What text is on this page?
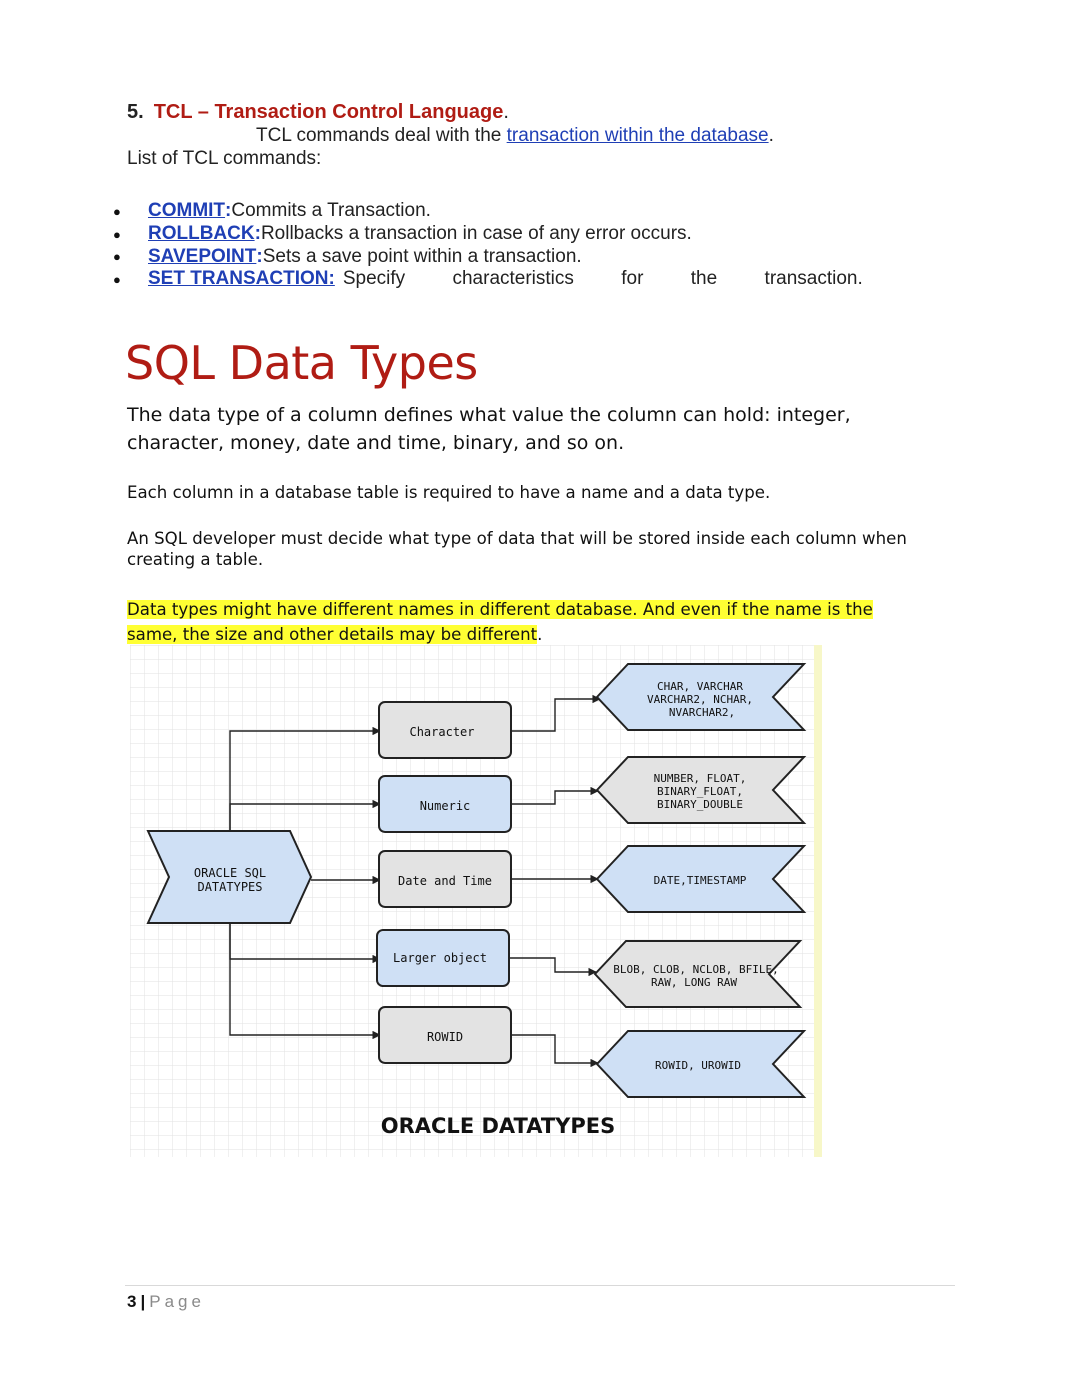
5. TCL – Transaction Control Language.
TCL commands deal with the transaction within the database.
List of TCL commands:
●	COMMIT : Commits a Transaction.
●	ROLLBACK : Rollbacks a transaction in case of any error occurs.
●	SAVEPOINT : Sets a save point within a transaction.
●	SET TRANSACTION: Specify characteristics for the transaction.
SQL Data Types
The data type of a column defines what value the column can hold: integer, character, money, date and time, binary, and so on.
Each column in a database table is required to have a name and a data type.
An SQL developer must decide what type of data that will be stored inside each column when creating a table.
Data types might have different names in different database. And even if the name is the same, the size and other details may be different.
ORACLE SQL
DATATYPES
Character
Numeric
Date and Time
Larger object
ROWID
CHAR, VARCHAR
VARCHAR2, NCHAR,
NVARCHAR2,
NUMBER, FLOAT,
BINARY_FLOAT,
BINARY_DOUBLE
DATE,TIMESTAMP
BLOB, CLOB, NCLOB, BFILE,
RAW, LONG RAW
ROWID, UROWID
ORACLE DATATYPES
3 | Page
